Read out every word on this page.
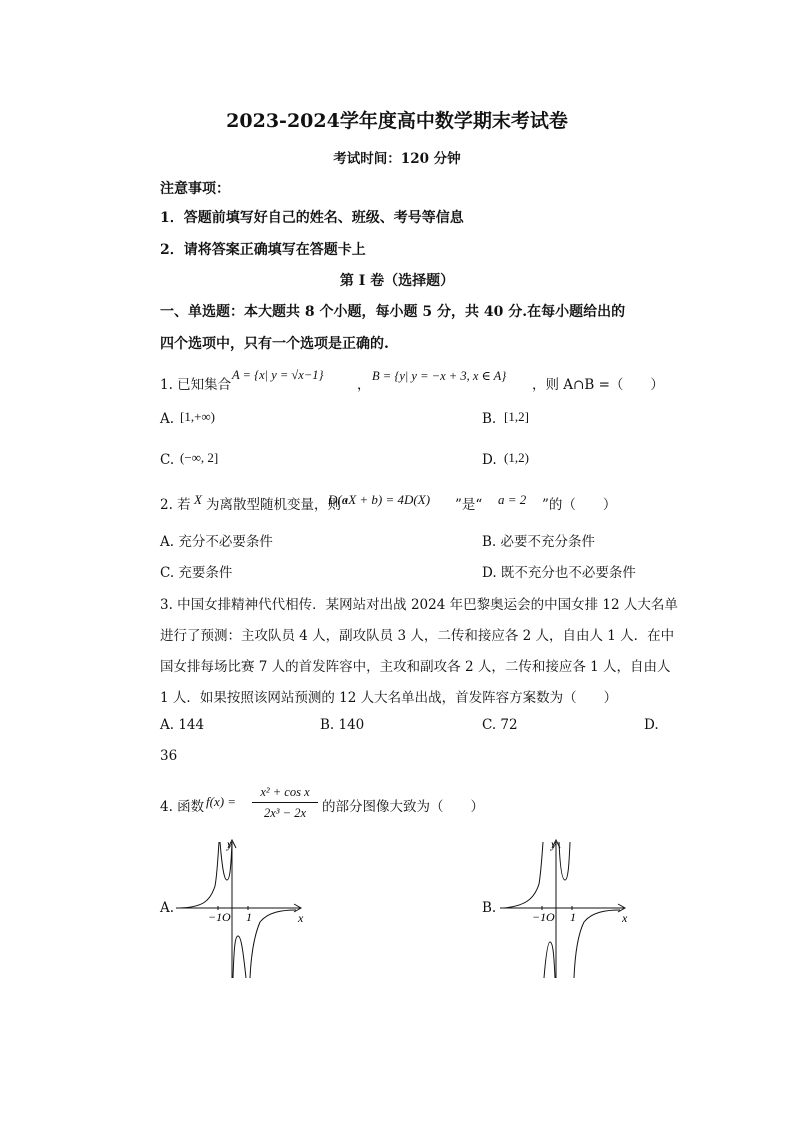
2023-2024学年度高中数学期末考试卷
考试时间：120 分钟
注意事项：
1．答题前填写好自己的姓名、班级、考号等信息
2．请将答案正确填写在答题卡上
第 I 卷（选择题）
一、单选题：本大题共 8 个小题，每小题 5 分，共 40 分.在每小题给出的
四个选项中，只有一个选项是正确的.
1. 已知集合
A = {x| y = √x−1}
，
B = {y| y = −x + 3, x ∈ A}
，则 A∩B =（　　）
A. [1,+∞)	B. [1,2]
C. (−∞, 2]	D. (1,2)
2. 若 X 为离散型随机变量，则“
D(aX + b) = 4D(X) ”是“ a = 2 ”的（　　）
A. 充分不必要条件	B. 必要不充分条件
C. 充要条件	D. 既不充分也不必要条件
3. 中国女排精神代代相传．某网站对出战 2024 年巴黎奥运会的中国女排 12 人大名单
进行了预测：主攻队员 4 人，副攻队员 3 人，二传和接应各 2 人，自由人 1 人．在中
国女排每场比赛 7 人的首发阵容中，主攻和副攻各 2 人，二传和接应各 1 人，自由人
1 人．如果按照该网站预测的 12 人大名单出战，首发阵容方案数为（　　）
A. 144	B. 140	C. 72	D.
36
4. 函数 f(x) =
x² + cos x
2x³ − 2x	的部分图像大致为（　　）
A.	B.
y
x
−1 O 1
y
x
−1 O 1
